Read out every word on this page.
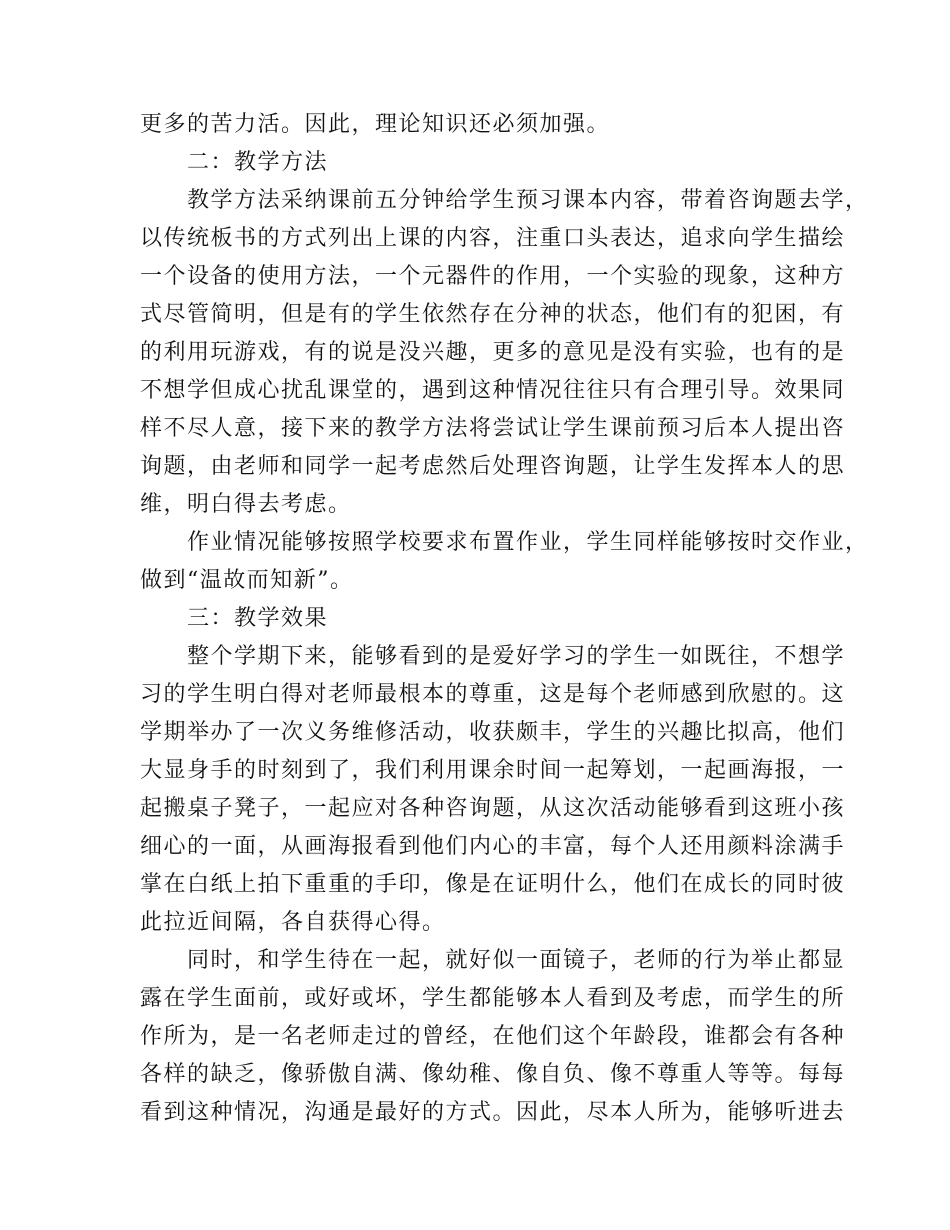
更多的苦力活。因此，理论知识还必须加强。
　　二：教学方法
　　教学方法采纳课前五分钟给学生预习课本内容，带着咨询题去学，
以传统板书的方式列出上课的内容，注重口头表达，追求向学生描绘
一个设备的使用方法，一个元器件的作用，一个实验的现象，这种方
式尽管简明，但是有的学生依然存在分神的状态，他们有的犯困，有
的利用玩游戏，有的说是没兴趣，更多的意见是没有实验，也有的是
不想学但成心扰乱课堂的，遇到这种情况往往只有合理引导。效果同
样不尽人意，接下来的教学方法将尝试让学生课前预习后本人提出咨
询题，由老师和同学一起考虑然后处理咨询题，让学生发挥本人的思
维，明白得去考虑。
　　作业情况能够按照学校要求布置作业，学生同样能够按时交作业，
做到“温故而知新”。
　　三：教学效果
　　整个学期下来，能够看到的是爱好学习的学生一如既往，不想学
习的学生明白得对老师最根本的尊重，这是每个老师感到欣慰的。这
学期举办了一次义务维修活动，收获颇丰，学生的兴趣比拟高，他们
大显身手的时刻到了，我们利用课余时间一起筹划，一起画海报，一
起搬桌子凳子，一起应对各种咨询题，从这次活动能够看到这班小孩
细心的一面，从画海报看到他们内心的丰富，每个人还用颜料涂满手
掌在白纸上拍下重重的手印，像是在证明什么，他们在成长的同时彼
此拉近间隔，各自获得心得。
　　同时，和学生待在一起，就好似一面镜子，老师的行为举止都显
露在学生面前，或好或坏，学生都能够本人看到及考虑，而学生的所
作所为，是一名老师走过的曾经，在他们这个年龄段，谁都会有各种
各样的缺乏，像骄傲自满、像幼稚、像自负、像不尊重人等等。每每
看到这种情况，沟通是最好的方式。因此，尽本人所为，能够听进去
